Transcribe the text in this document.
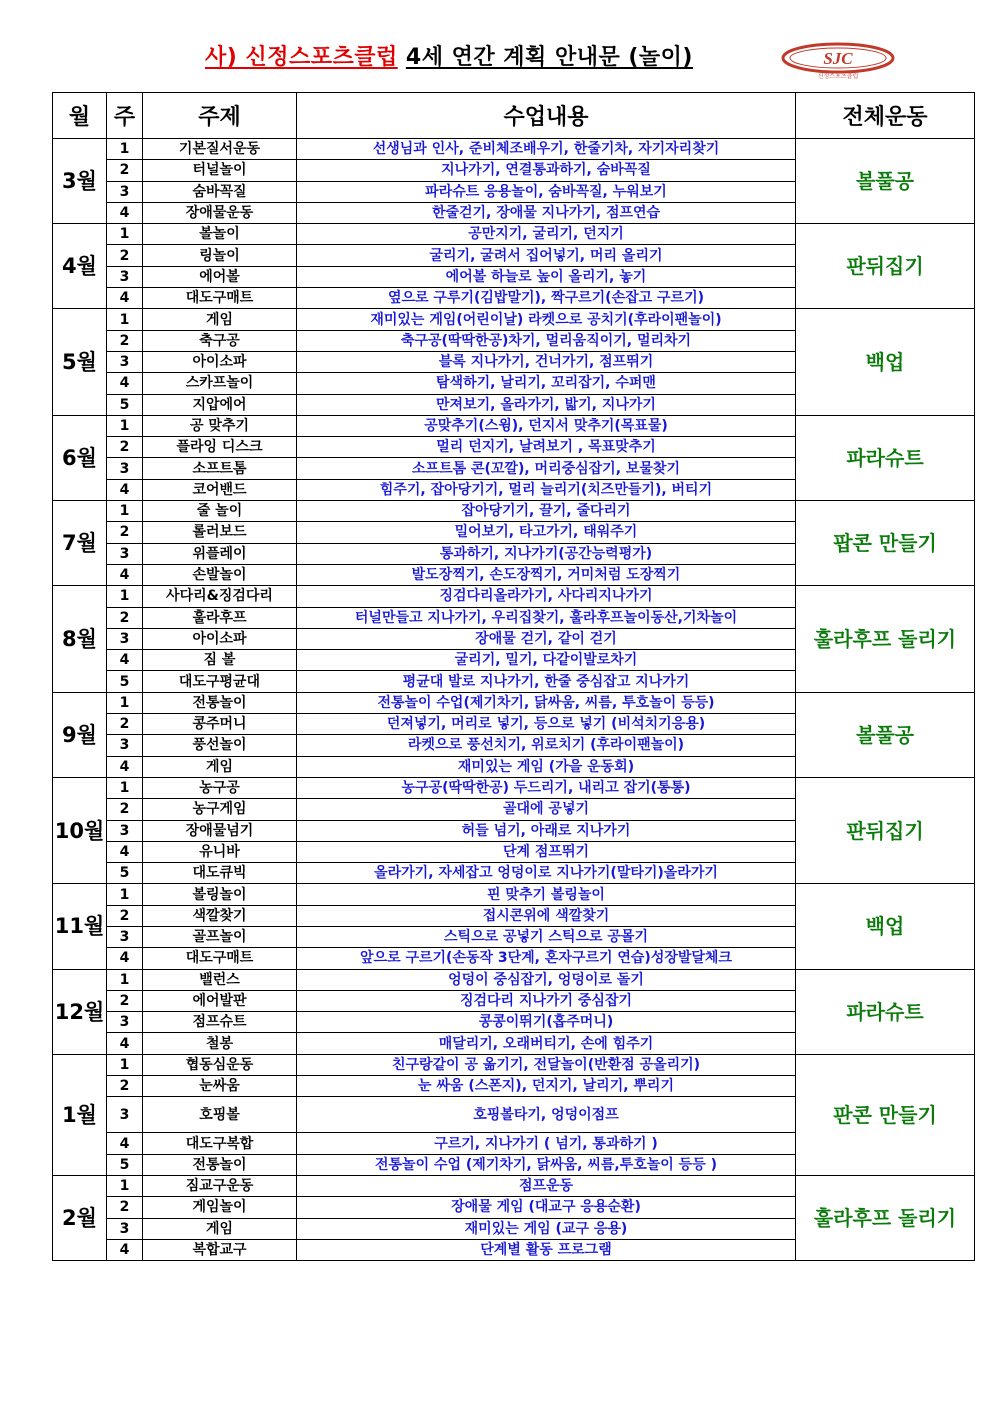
사) 신정스포츠클럽 4세 연간 계획 안내문 (놀이)	SJC
신정스포츠클럽
월	주	주제	수업내용	전체운동
3월	1	기본질서운동	선생님과 인사, 준비체조배우기, 한줄기차, 자기자리찾기	볼풀공
	2	터널놀이	지나가기, 연결통과하기, 숨바꼭질	
	3	숨바꼭질	파라슈트 응용놀이, 숨바꼭질, 누워보기	
	4	장애물운동	한줄걷기, 장애물 지나가기, 점프연습	
4월	1	볼놀이	공만지기, 굴리기, 던지기	판뒤집기
	2	링놀이	굴리기, 굴려서 집어넣기, 머리 올리기	
	3	에어볼	에어볼 하늘로 높이 올리기, 놓기	
	4	대도구매트	옆으로 구루기(김밥말기), 짝구르기(손잡고 구르기)	
5월	1	게임	재미있는 게임(어린이날) 라켓으로 공치기(후라이팬놀이)	백업
	2	축구공	축구공(딱딱한공)차기, 멀리움직이기, 멀리차기	
	3	아이소파	블록 지나가기, 건너가기, 점프뛰기	
	4	스카프놀이	탐색하기, 날리기, 꼬리잡기, 수퍼맨	
	5	지압에어	만져보기, 올라가기, 밟기, 지나가기	
6월	1	공 맞추기	공맞추기(스윙), 던지서 맞추기(목표물)	파라슈트
	2	플라잉 디스크	멀리 던지기, 날려보기 , 목표맞추기	
	3	소프트톰	소프트톰 콘(꼬깔), 머리중심잡기, 보물찾기	
	4	코어밴드	힘주기, 잡아당기기, 멀리 늘리기(치즈만들기), 버티기	
7월	1	줄 놀이	잡아당기기, 끌기, 줄다리기	팝콘 만들기
	2	롤러보드	밀어보기, 타고가기, 태워주기	
	3	위플레이	통과하기, 지나가기(공간능력평가)	
	4	손발놀이	발도장찍기, 손도장찍기, 거미처럼 도장찍기	
8월	1	사다리&징검다리	징검다리올라가기, 사다리지나가기	훌라후프 돌리기
	2	훌라후프	터널만들고 지나가기, 우리집찾기, 훌라후프놀이동산,기차놀이	
	3	아이소파	장애물 걷기, 같이 걷기	
	4	짐 볼	굴리기, 밀기, 다같이발로차기	
	5	대도구평균대	평균대 발로 지나가기, 한줄 중심잡고 지나가기	
9월	1	전통놀이	전통놀이 수업(제기차기, 닭싸움, 씨름, 투호놀이 등등)	볼풀공
	2	콩주머니	던져넣기, 머리로 넣기, 등으로 넣기 (비석치기응용)	
	3	풍선놀이	라켓으로 풍선치기, 위로치기 (후라이팬놀이)	
	4	게임	재미있는 게임 (가을 운동회)	
10월	1	농구공	농구공(딱딱한공) 두드리기, 내리고 잡기(통통)	판뒤집기
	2	농구게임	골대에 공넣기	
	3	장애물넘기	허들 넘기, 아래로 지나가기	
	4	유니바	단계 점프뛰기	
	5	대도큐빅	올라가기, 자세잡고 엉덩이로 지나가기(말타기)올라가기	
11월	1	볼링놀이	핀 맞추기 볼링놀이	백업
	2	색깔찾기	접시콘위에 색깔찾기	
	3	골프놀이	스틱으로 공넣기 스틱으로 공몰기	
	4	대도구매트	앞으로 구르기(손동작 3단계, 혼자구르기 연습)성장발달체크	
12월	1	밸런스	엉덩이 중심잡기, 엉덩이로 돌기	파라슈트
	2	에어발판	징검다리 지나가기 중심잡기	
	3	점프슈트	콩콩이뛰기(홉주머니)	
	4	철봉	매달리기, 오래버티기, 손에 힘주기	
1월	1	협동심운동	친구랑같이 공 옮기기, 전달놀이(반환점 공올리기)	판콘 만들기
	2	눈싸움	눈 싸움 (스폰지), 던지기, 날리기, 뿌리기	
	3	호핑볼	호핑볼타기, 엉덩이점프	
	4	대도구복합	구르기, 지나가기 ( 넘기, 통과하기 )	
	5	전통놀이	전통놀이 수업 (제기차기, 닭싸움, 씨름,투호놀이 등등 )	
2월	1	짐교구운동	점프운동	훌라후프 돌리기
	2	게임놀이	장애물 게임 (대교구 응용순환)	
	3	게임	재미있는 게임 (교구 응용)	
	4	복합교구	단계별 활동 프로그램	
